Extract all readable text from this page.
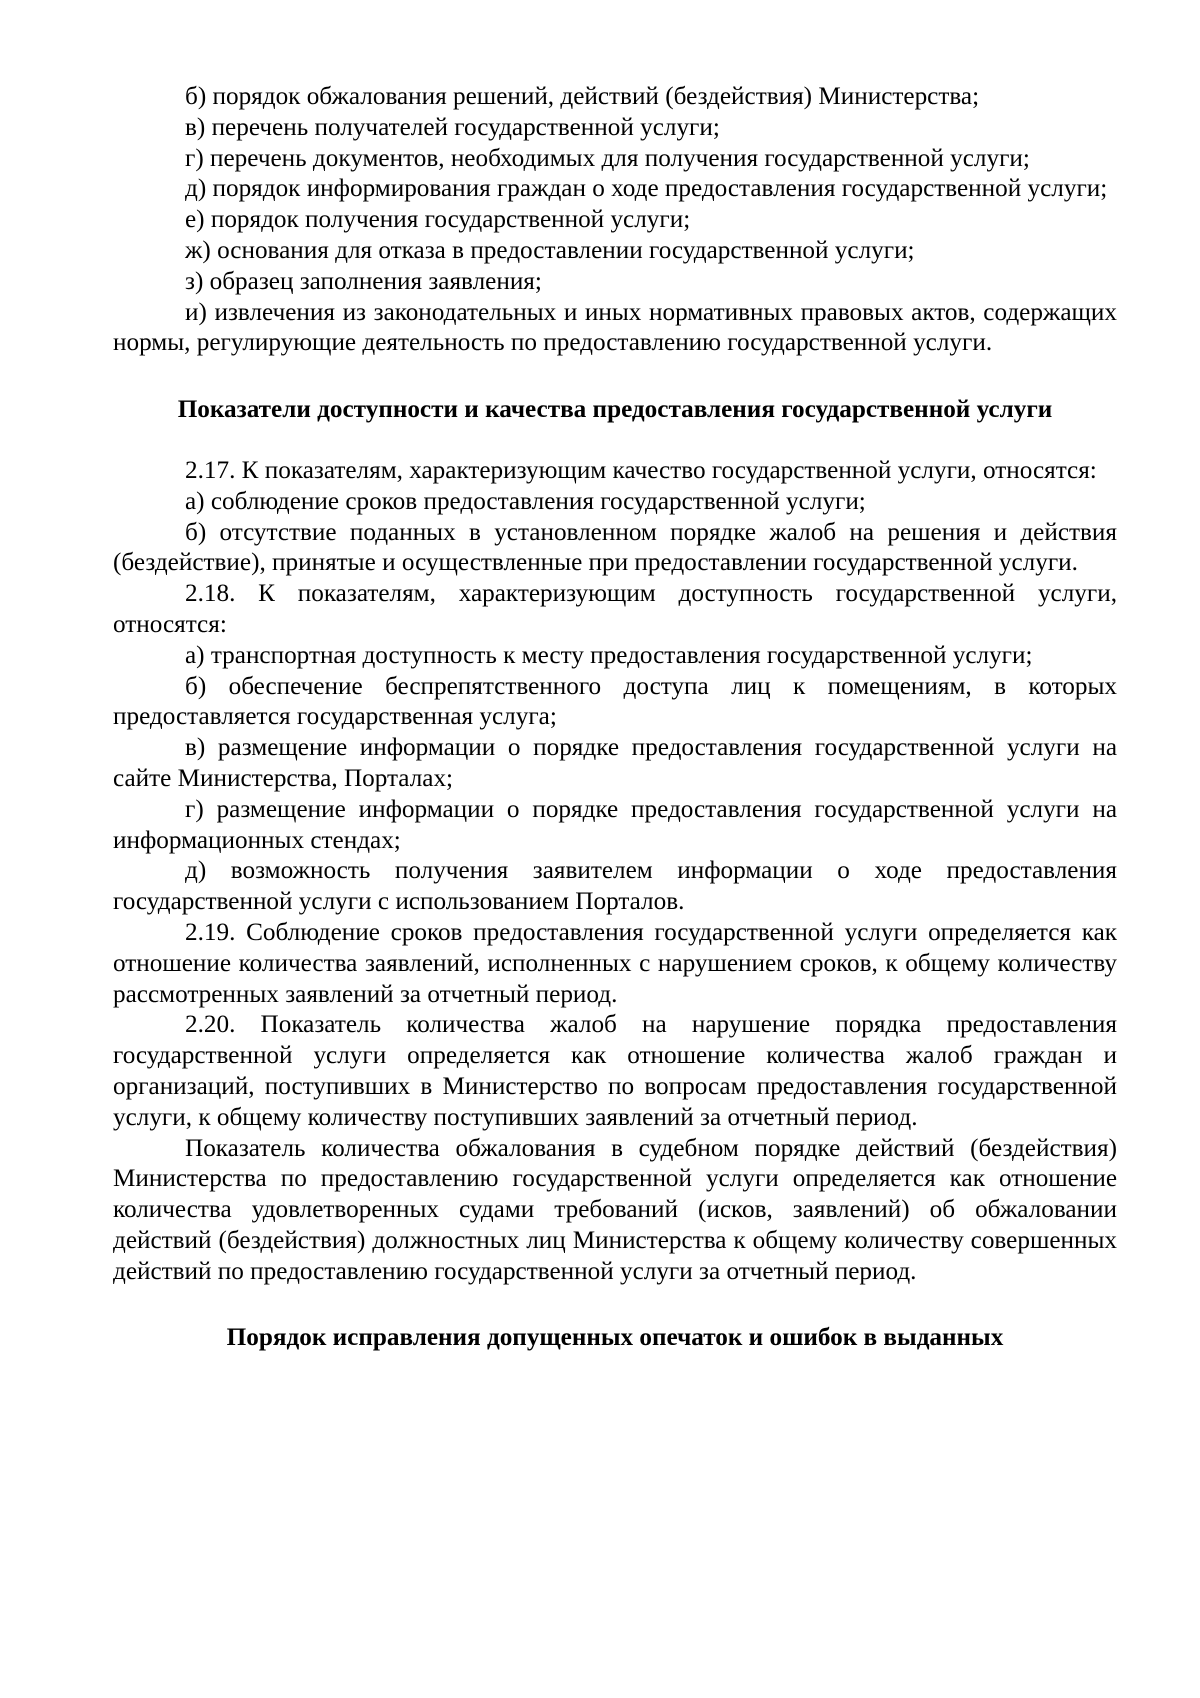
б) порядок обжалования решений, действий (бездействия) Министерства;

в) перечень получателей государственной услуги;

г) перечень документов, необходимых для получения государственной услуги;

д) порядок информирования граждан о ходе предоставления государственной услуги;

е) порядок получения государственной услуги;

ж) основания для отказа в предоставлении государственной услуги;

з) образец заполнения заявления;

и) извлечения из законодательных и иных нормативных правовых актов, содержащих нормы, регулирующие деятельность по предоставлению государственной услуги.

Показатели доступности и качества предоставления государственной услуги

2.17. К показателям, характеризующим качество государственной услуги, относятся:

а) соблюдение сроков предоставления государственной услуги;

б) отсутствие поданных в установленном порядке жалоб на решения и действия (бездействие), принятые и осуществленные при предоставлении государственной услуги.

2.18. К показателям, характеризующим доступность государственной услуги, относятся:

а) транспортная доступность к месту предоставления государственной услуги;

б) обеспечение беспрепятственного доступа лиц к помещениям, в которых предоставляется государственная услуга;

в) размещение информации о порядке предоставления государственной услуги на сайте Министерства, Порталах;

г) размещение информации о порядке предоставления государственной услуги на информационных стендах;

д) возможность получения заявителем информации о ходе предоставления государственной услуги с использованием Порталов.

2.19. Соблюдение сроков предоставления государственной услуги определяется как отношение количества заявлений, исполненных с нарушением сроков, к общему количеству рассмотренных заявлений за отчетный период.

2.20. Показатель количества жалоб на нарушение порядка предоставления государственной услуги определяется как отношение количества жалоб граждан и организаций, поступивших в Министерство по вопросам предоставления государственной услуги, к общему количеству поступивших заявлений за отчетный период.

Показатель количества обжалования в судебном порядке действий (бездействия) Министерства по предоставлению государственной услуги определяется как отношение количества удовлетворенных судами требований (исков, заявлений) об обжаловании действий (бездействия) должностных лиц Министерства к общему количеству совершенных действий по предоставлению государственной услуги за отчетный период.

Порядок исправления допущенных опечаток и ошибок в выданных
